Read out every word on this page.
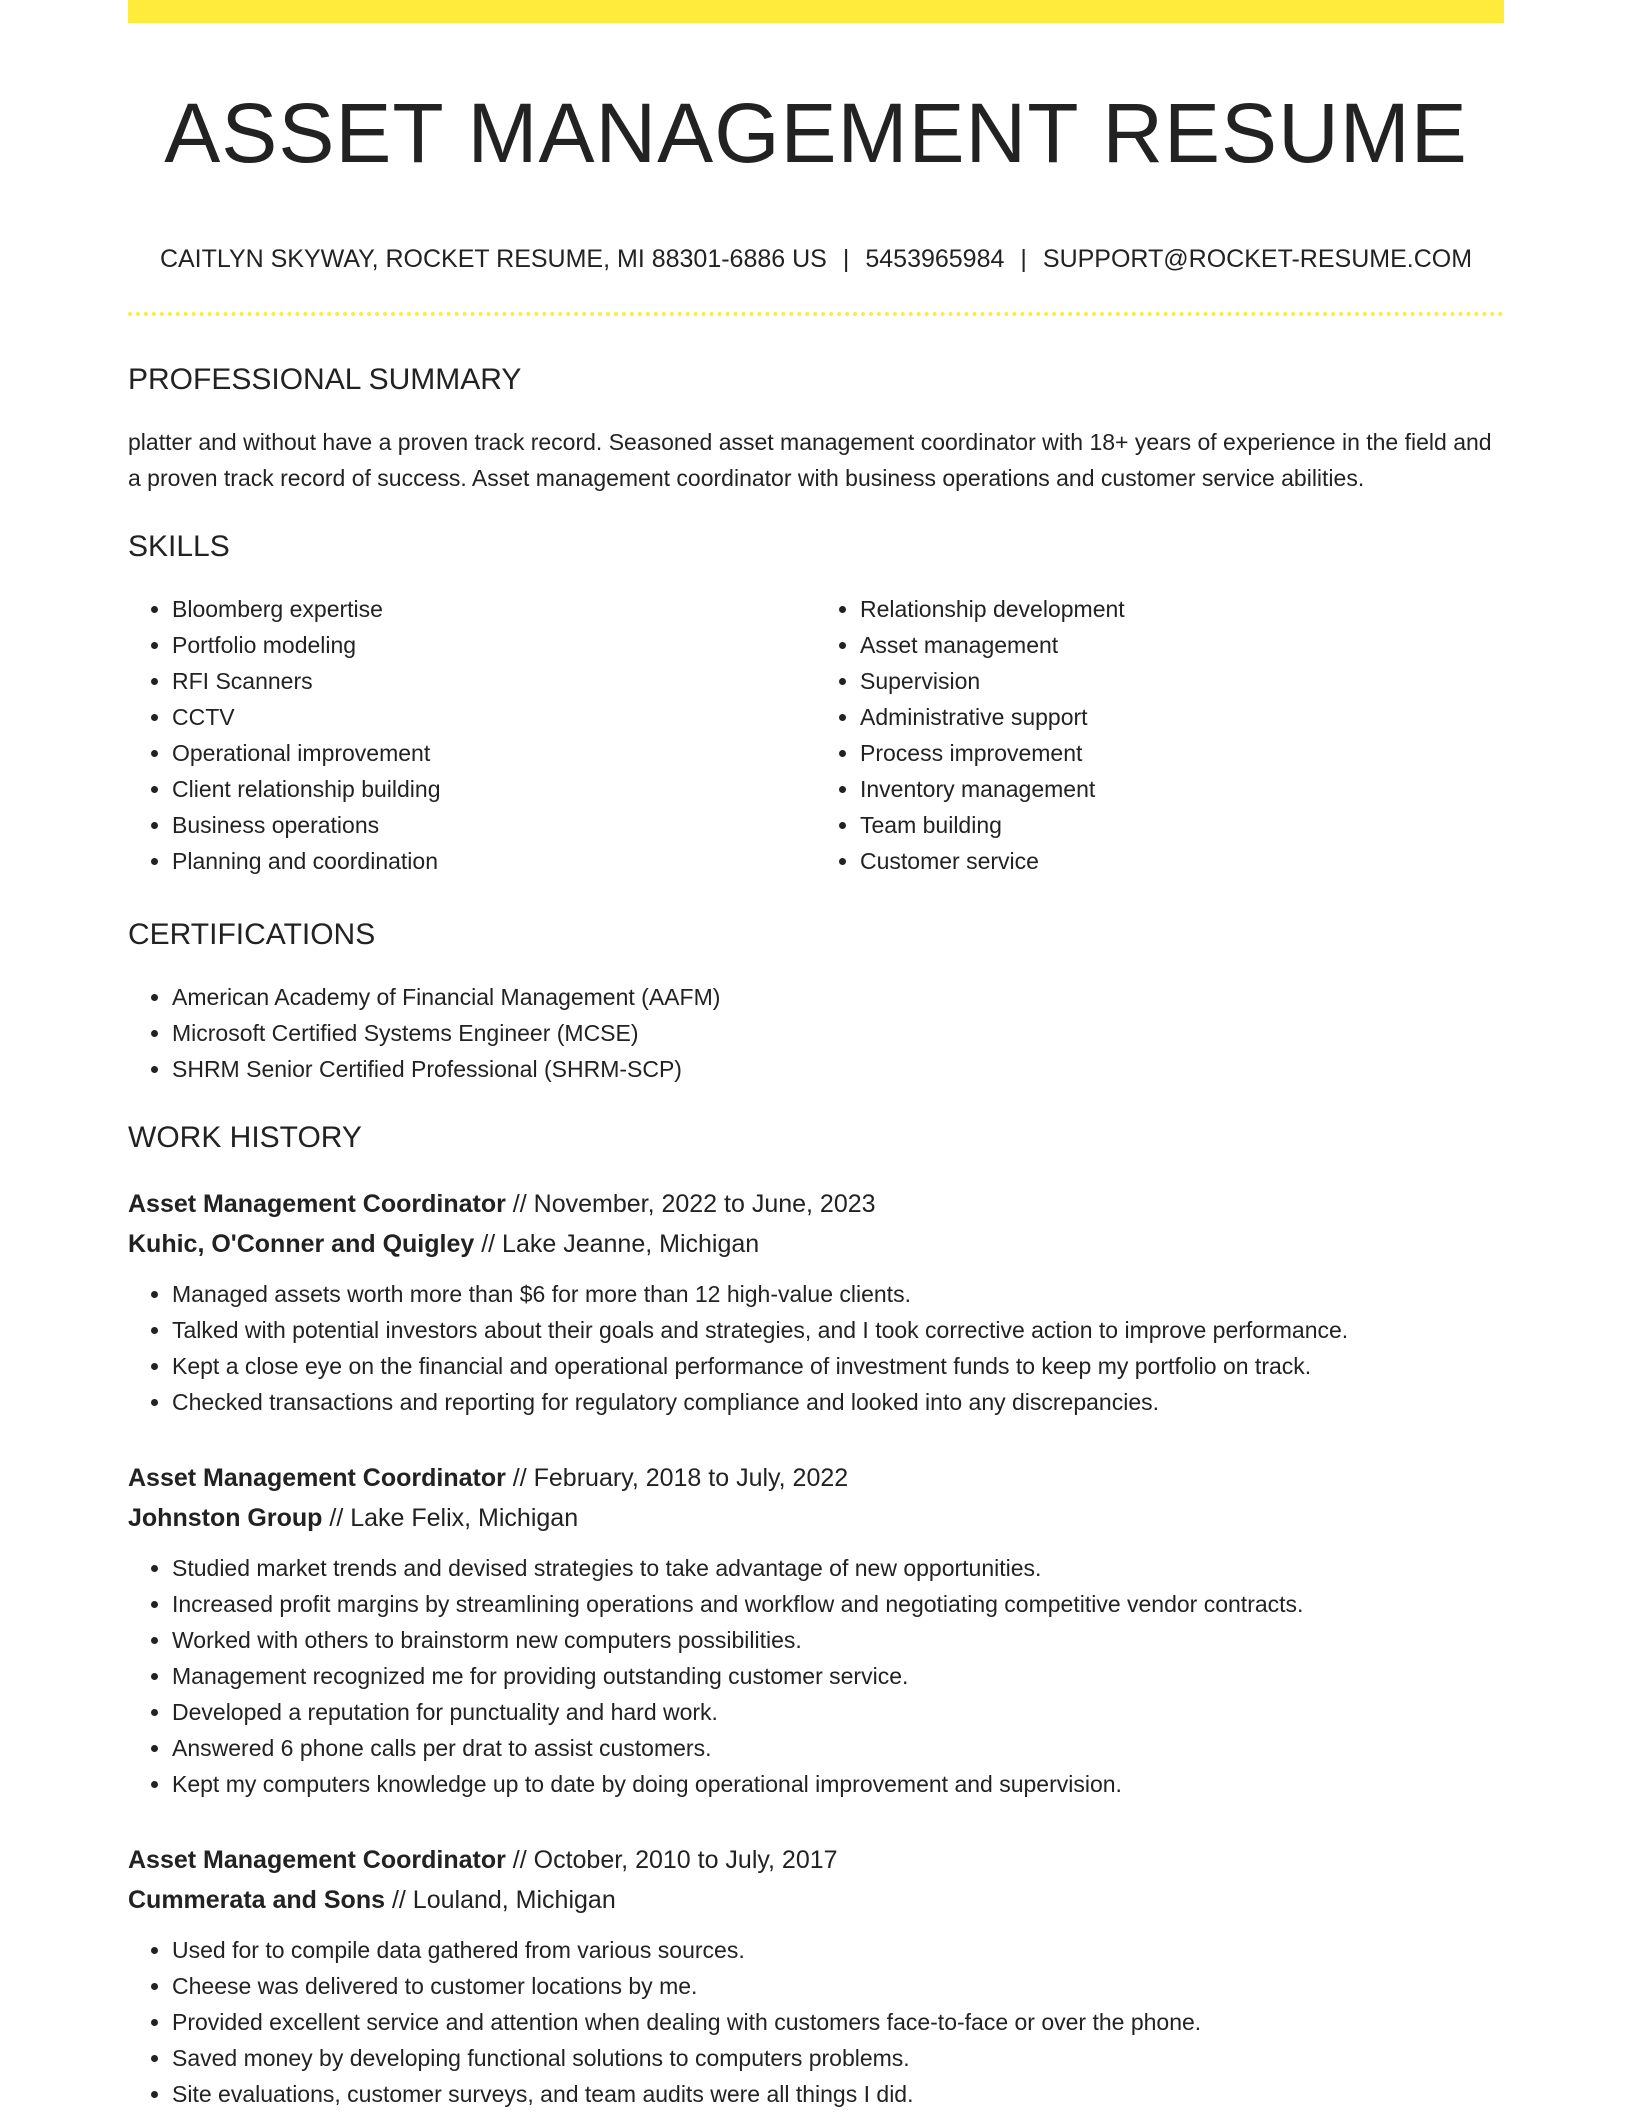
ASSET MANAGEMENT RESUME
CAITLYN SKYWAY, ROCKET RESUME, MI 88301-6886 US | 5453965984 | SUPPORT@ROCKET-RESUME.COM
PROFESSIONAL SUMMARY
platter and without have a proven track record. Seasoned asset management coordinator with 18+ years of experience in the field and a proven track record of success. Asset management coordinator with business operations and customer service abilities.
SKILLS
• Bloomberg expertise
• Portfolio modeling
• RFI Scanners
• CCTV
• Operational improvement
• Client relationship building
• Business operations
• Planning and coordination
• Relationship development
• Asset management
• Supervision
• Administrative support
• Process improvement
• Inventory management
• Team building
• Customer service
CERTIFICATIONS
• American Academy of Financial Management (AAFM)
• Microsoft Certified Systems Engineer (MCSE)
• SHRM Senior Certified Professional (SHRM-SCP)
WORK HISTORY
Asset Management Coordinator // November, 2022 to June, 2023
Kuhic, O'Conner and Quigley // Lake Jeanne, Michigan
• Managed assets worth more than $6 for more than 12 high-value clients.
• Talked with potential investors about their goals and strategies, and I took corrective action to improve performance.
• Kept a close eye on the financial and operational performance of investment funds to keep my portfolio on track.
• Checked transactions and reporting for regulatory compliance and looked into any discrepancies.
Asset Management Coordinator // February, 2018 to July, 2022
Johnston Group // Lake Felix, Michigan
• Studied market trends and devised strategies to take advantage of new opportunities.
• Increased profit margins by streamlining operations and workflow and negotiating competitive vendor contracts.
• Worked with others to brainstorm new computers possibilities.
• Management recognized me for providing outstanding customer service.
• Developed a reputation for punctuality and hard work.
• Answered 6 phone calls per drat to assist customers.
• Kept my computers knowledge up to date by doing operational improvement and supervision.
Asset Management Coordinator // October, 2010 to July, 2017
Cummerata and Sons // Louland, Michigan
• Used for to compile data gathered from various sources.
• Cheese was delivered to customer locations by me.
• Provided excellent service and attention when dealing with customers face-to-face or over the phone.
• Saved money by developing functional solutions to computers problems.
• Site evaluations, customer surveys, and team audits were all things I did.
